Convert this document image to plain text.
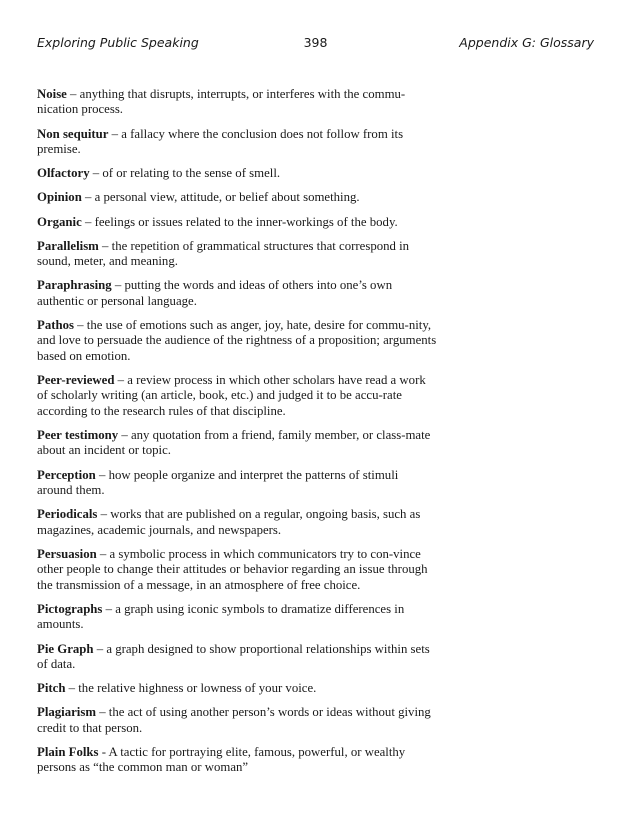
Exploring Public Speaking	398	Appendix G: Glossary

Noise – anything that disrupts, interrupts, or interferes with the commu-nication process.

Non sequitur – a fallacy where the conclusion does not follow from its premise.

Olfactory – of or relating to the sense of smell.

Opinion – a personal view, attitude, or belief about something.

Organic – feelings or issues related to the inner-workings of the body.

Parallelism – the repetition of grammatical structures that correspond in sound, meter, and meaning.

Paraphrasing – putting the words and ideas of others into one’s own authentic or personal language.

Pathos – the use of emotions such as anger, joy, hate, desire for commu-nity, and love to persuade the audience of the rightness of a proposition; arguments based on emotion.

Peer-reviewed – a review process in which other scholars have read a work of scholarly writing (an article, book, etc.) and judged it to be accu-rate according to the research rules of that discipline.

Peer testimony – any quotation from a friend, family member, or class-mate about an incident or topic.

Perception – how people organize and interpret the patterns of stimuli around them.

Periodicals – works that are published on a regular, ongoing basis, such as magazines, academic journals, and newspapers.

Persuasion – a symbolic process in which communicators try to con-vince other people to change their attitudes or behavior regarding an issue through the transmission of a message, in an atmosphere of free choice.

Pictographs – a graph using iconic symbols to dramatize differences in amounts.

Pie Graph – a graph designed to show proportional relationships within sets of data.

Pitch – the relative highness or lowness of your voice.

Plagiarism – the act of using another person’s words or ideas without giving credit to that person.

Plain Folks - A tactic for portraying elite, famous, powerful, or wealthy persons as “the common man or woman”
